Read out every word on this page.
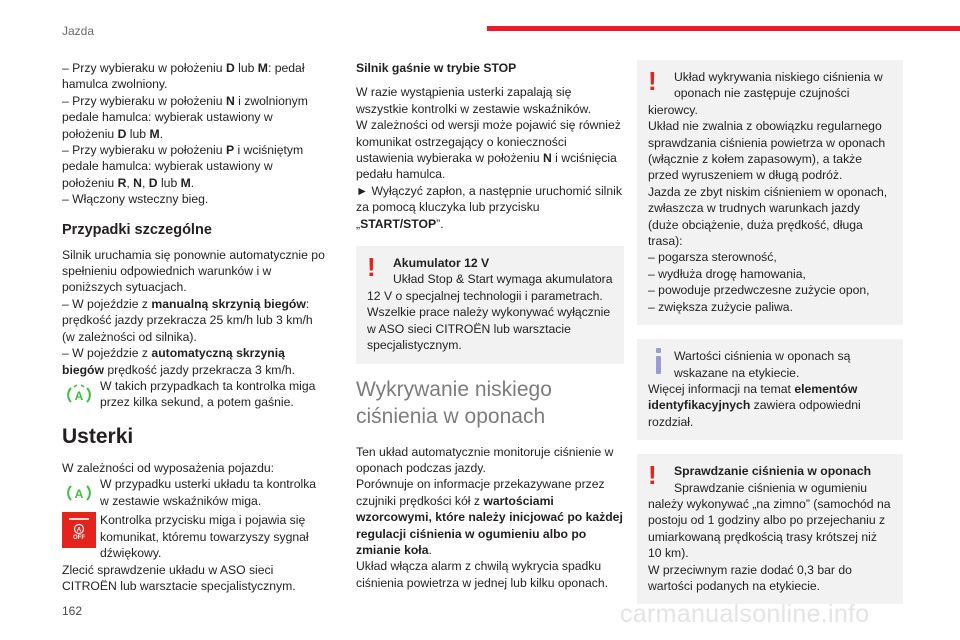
Jazda

– Przy wybieraku w położeniu D lub M: pedał hamulca zwolniony.

– Przy wybieraku w położeniu N i zwolnionym pedale hamulca: wybierak ustawiony w położeniu D lub M.

– Przy wybieraku w położeniu P i wciśniętym pedale hamulca: wybierak ustawiony w położeniu R, N, D lub M.

– Włączony wsteczny bieg.

Przypadki szczególne

Silnik uruchamia się ponownie automatycznie po spełnieniu odpowiednich warunków i w poniższych sytuacjach.

– W pojeździe z manualną skrzynią biegów: prędkość jazdy przekracza 25 km/h lub 3 km/h (w zależności od silnika).

– W pojeździe z automatyczną skrzynią biegów prędkość jazdy przekracza 3 km/h.

A

W takich przypadkach ta kontrolka miga przez kilka sekund, a potem gaśnie.

Usterki

W zależności od wyposażenia pojazdu:

A

W przypadku usterki układu ta kontrolka w zestawie wskaźników miga.

A
OFF

Kontrolka przycisku miga i pojawia się komunikat, któremu towarzyszy sygnał dźwiękowy.

Zlecić sprawdzenie układu w ASO sieci CITROËN lub warsztacie specjalistycznym.

Silnik gaśnie w trybie STOP

W razie wystąpienia usterki zapalają się wszystkie kontrolki w zestawie wskaźników.

W zależności od wersji może pojawić się również komunikat ostrzegający o konieczności ustawienia wybieraka w położeniu N i wciśnięcia pedału hamulca.

► Wyłączyć zapłon, a następnie uruchomić silnik za pomocą kluczyka lub przycisku „START/STOP”.

!	Akumulator 12 V

Układ Stop & Start wymaga akumulatora

12 V o specjalnej technologii i parametrach. Wszelkie prace należy wykonywać wyłącznie w ASO sieci CITROËN lub warsztacie specjalistycznym.

Wykrywanie niskiego ciśnienia w oponach

Ten układ automatycznie monitoruje ciśnienie w oponach podczas jazdy.

Porównuje on informacje przekazywane przez czujniki prędkości kół z wartościami wzorcowymi, które należy inicjować po każdej regulacji ciśnienia w ogumieniu albo po zmianie koła.

Układ włącza alarm z chwilą wykrycia spadku ciśnienia powietrza w jednej lub kilku oponach.

!	Układ wykrywania niskiego ciśnienia w oponach nie zastępuje czujności

kierowcy.

Układ nie zwalnia z obowiązku regularnego sprawdzania ciśnienia powietrza w oponach (włącznie z kołem zapasowym), a także przed wyruszeniem w długą podróż.

Jazda ze zbyt niskim ciśnieniem w oponach, zwłaszcza w trudnych warunkach jazdy (duże obciążenie, duża prędkość, długa trasa):

– pogarsza sterowność,

– wydłuża drogę hamowania,

– powoduje przedwczesne zużycie opon,

– zwiększa zużycie paliwa.

Wartości ciśnienia w oponach są wskazane na etykiecie.

Więcej informacji na temat elementów identyfikacyjnych zawiera odpowiedni rozdział.

!	Sprawdzanie ciśnienia w oponach

Sprawdzanie ciśnienia w ogumieniu

należy wykonywać „na zimno” (samochód na postoju od 1 godziny albo po przejechaniu z umiarkowaną prędkością trasy krótszej niż 10 km).

W przeciwnym razie dodać 0,3 bar do wartości podanych na etykiecie.

162	carmanualsonline.info
